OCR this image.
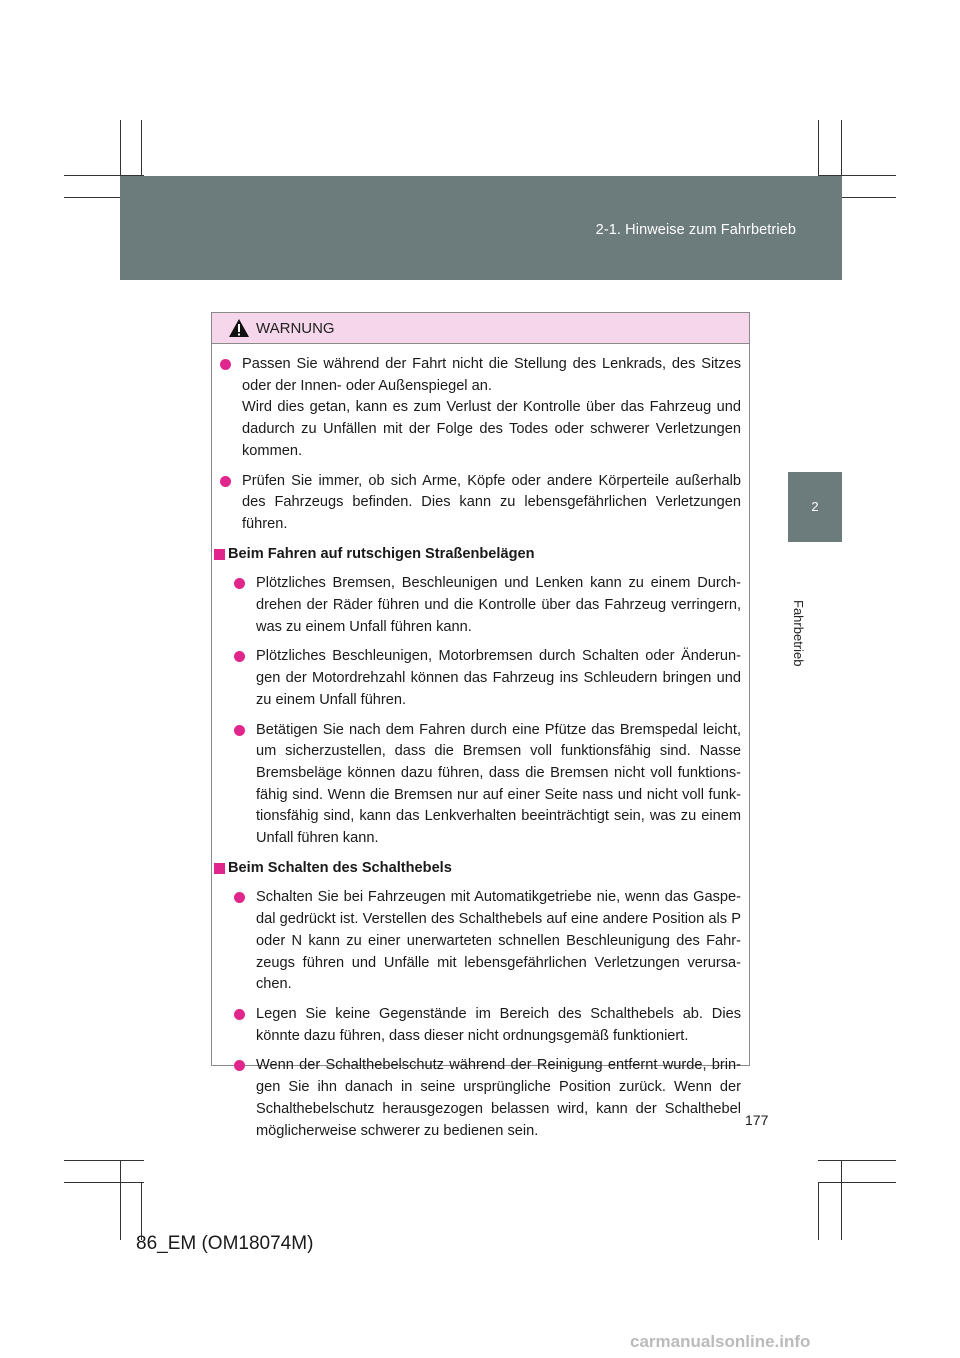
2-1. Hinweise zum Fahrbetrieb
2
Fahrbetrieb
WARNUNG
Passen Sie während der Fahrt nicht die Stellung des Lenkrads, des Sitzes oder der Innen- oder Außenspiegel an.
Wird dies getan, kann es zum Verlust der Kontrolle über das Fahrzeug und dadurch zu Unfällen mit der Folge des Todes oder schwerer Verletzungen kommen.
Prüfen Sie immer, ob sich Arme, Köpfe oder andere Körperteile außerhalb des Fahrzeugs befinden. Dies kann zu lebensgefährlichen Verletzungen führen.
Beim Fahren auf rutschigen Straßenbelägen
Plötzliches Bremsen, Beschleunigen und Lenken kann zu einem Durch-drehen der Räder führen und die Kontrolle über das Fahrzeug verringern, was zu einem Unfall führen kann.
Plötzliches Beschleunigen, Motorbremsen durch Schalten oder Änderun-gen der Motordrehzahl können das Fahrzeug ins Schleudern bringen und zu einem Unfall führen.
Betätigen Sie nach dem Fahren durch eine Pfütze das Bremspedal leicht, um sicherzustellen, dass die Bremsen voll funktionsfähig sind. Nasse Bremsbeläge können dazu führen, dass die Bremsen nicht voll funktions-fähig sind. Wenn die Bremsen nur auf einer Seite nass und nicht voll funk-tionsfähig sind, kann das Lenkverhalten beeinträchtigt sein, was zu einem Unfall führen kann.
Beim Schalten des Schalthebels
Schalten Sie bei Fahrzeugen mit Automatikgetriebe nie, wenn das Gaspe-dal gedrückt ist. Verstellen des Schalthebels auf eine andere Position als P oder N kann zu einer unerwarteten schnellen Beschleunigung des Fahr-zeugs führen und Unfälle mit lebensgefährlichen Verletzungen verursa-chen.
Legen Sie keine Gegenstände im Bereich des Schalthebels ab. Dies könnte dazu führen, dass dieser nicht ordnungsgemäß funktioniert.
Wenn der Schalthebelschutz während der Reinigung entfernt wurde, brin-gen Sie ihn danach in seine ursprüngliche Position zurück. Wenn der Schalthebelschutz herausgezogen belassen wird, kann der Schalthebel möglicherweise schwerer zu bedienen sein.
177
86_EM (OM18074M)
carmanualsonline.info
